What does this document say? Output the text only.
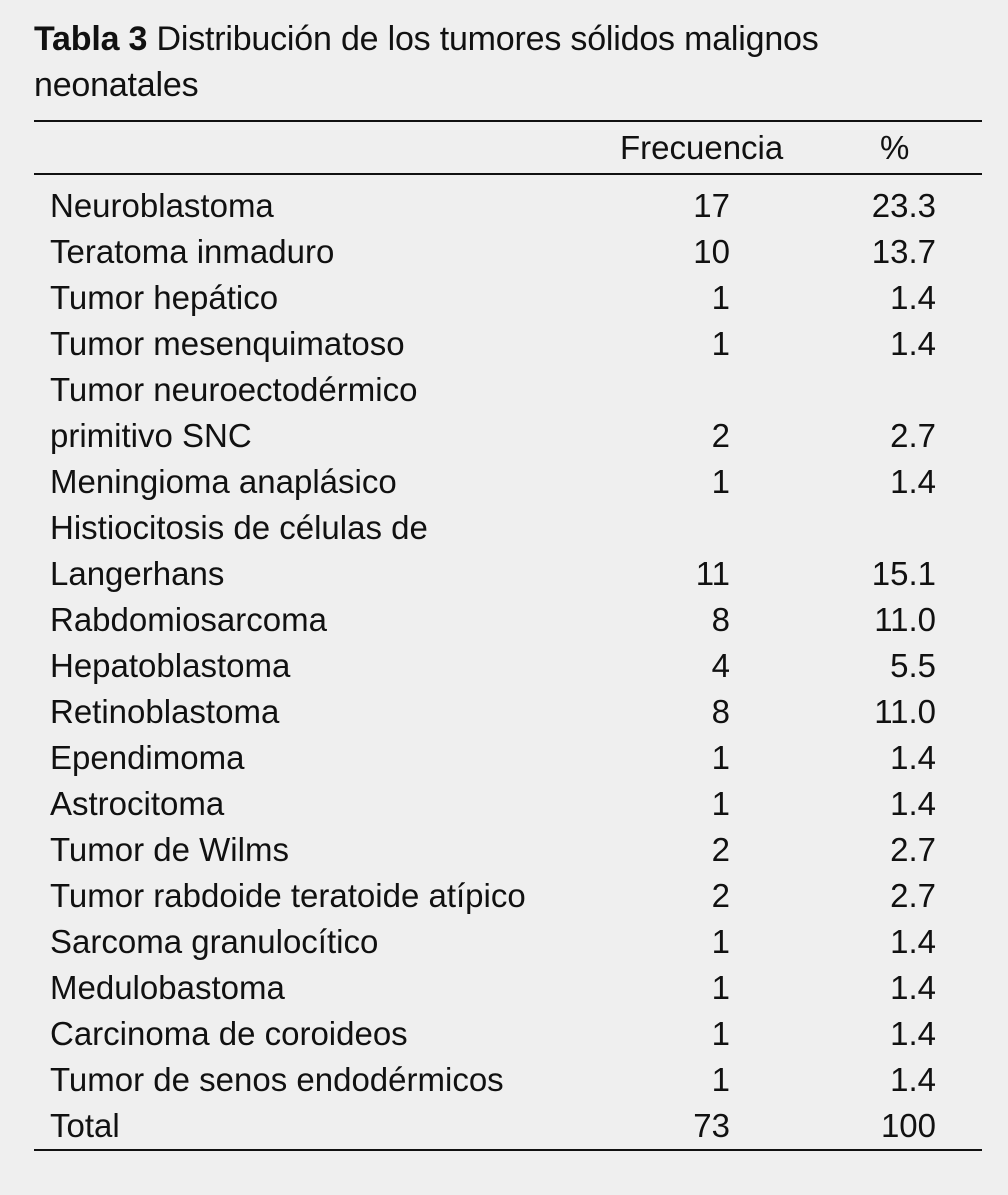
Tabla 3 Distribución de los tumores sólidos malignos neonatales
Frecuencia	%
Neuroblastoma	17	23.3
Teratoma inmaduro	10	13.7
Tumor hepático	1	1.4
Tumor mesenquimatoso	1	1.4
Tumor neuroectodérmico primitivo SNC	2	2.7
Meningioma anaplásico	1	1.4
Histiocitosis de células de Langerhans	11	15.1
Rabdomiosarcoma	8	11.0
Hepatoblastoma	4	5.5
Retinoblastoma	8	11.0
Ependimoma	1	1.4
Astrocitoma	1	1.4
Tumor de Wilms	2	2.7
Tumor rabdoide teratoide atípico	2	2.7
Sarcoma granulocítico	1	1.4
Medulobastoma	1	1.4
Carcinoma de coroideos	1	1.4
Tumor de senos endodérmicos	1	1.4
Total	73	100
